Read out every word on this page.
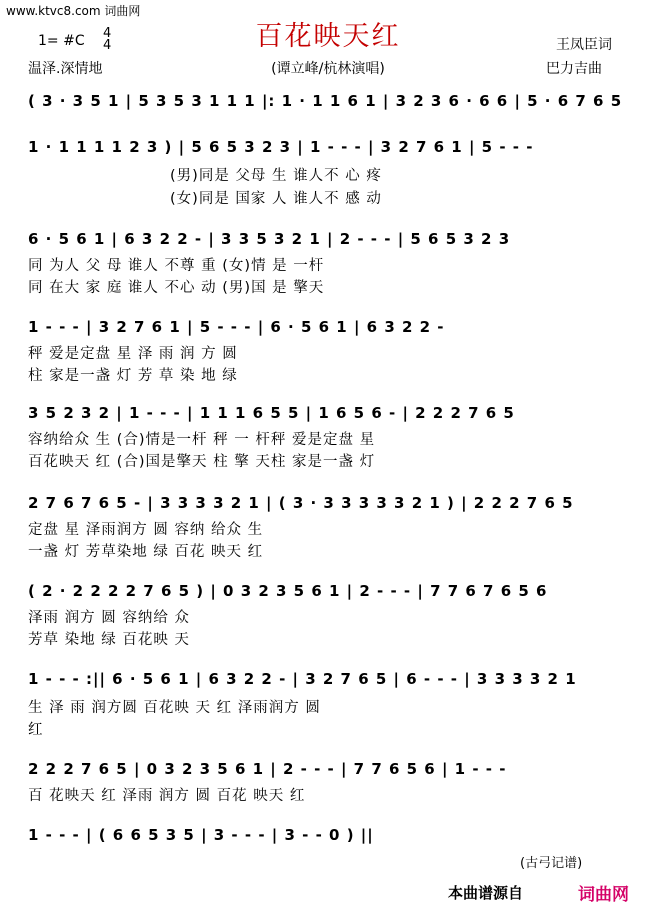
www.ktvc8.com 词曲网
百花映天红
1= #C 4
4
温泽.深情地	(谭立峰/杭林演唱)
王凤臣词
巴力吉曲
( 3 · 3 5 1 | 5 3 5 3 1 1 1 |: 1 · 1 1 6 1 | 3 2 3 6 · 6 6 | 5 · 6 7 6 5
1 · 1 1 1 1 2 3 ) | 5 6 5 3 2 3 | 1 - - - | 3 2 7 6 1 | 5 - - -
(男)同是 父母 生 谁人不 心 疼
(女)同是 国家 人 谁人不 感 动
6 · 5 6 1 | 6 3 2 2 - | 3 3 5 3 2 1 | 2 - - - | 5 6 5 3 2 3
同 为人 父 母 谁人 不尊 重 (女)情 是 一杆
同 在大 家 庭 谁人 不心 动 (男)国 是 擎天
1 - - - | 3 2 7 6 1 | 5 - - - | 6 · 5 6 1 | 6 3 2 2 -
秤 爱是定盘 星 泽 雨 润 方 圆
柱 家是一盏 灯 芳 草 染 地 绿
3 5 2 3 2 | 1 - - - | 1 1 1 6 5 5 | 1 6 5 6 - | 2 2 2 7 6 5
容纳给众 生 (合)情是一杆 秤 一 杆秤 爱是定盘 星
百花映天 红 (合)国是擎天 柱 擎 天柱 家是一盏 灯
2 7 6 7 6 5 - | 3 3 3 3 2 1 | ( 3 · 3 3 3 3 3 2 1 ) | 2 2 2 7 6 5
定盘 星 泽雨润方 圆 容纳 给众 生
一盏 灯 芳草染地 绿 百花 映天 红
( 2 · 2 2 2 2 7 6 5 ) | 0 3 2 3 5 6 1 | 2 - - - | 7 7 6 7 6 5 6
泽雨 润方 圆 容纳给 众
芳草 染地 绿 百花映 天
1 - - - :|| 6 · 5 6 1 | 6 3 2 2 - | 3 2 7 6 5 | 6 - - - | 3 3 3 3 2 1
生 泽 雨 润方圆 百花映 天 红 泽雨润方 圆
红
2 2 2 7 6 5 | 0 3 2 3 5 6 1 | 2 - - - | 7 7 6 5 6 | 1 - - -
百 花映天 红 泽雨 润方 圆 百花 映天 红
1 - - - | ( 6 6 5 3 5 | 3 - - - | 3 - - 0 ) ||
(古弓记谱)
本曲谱源自	词曲网
